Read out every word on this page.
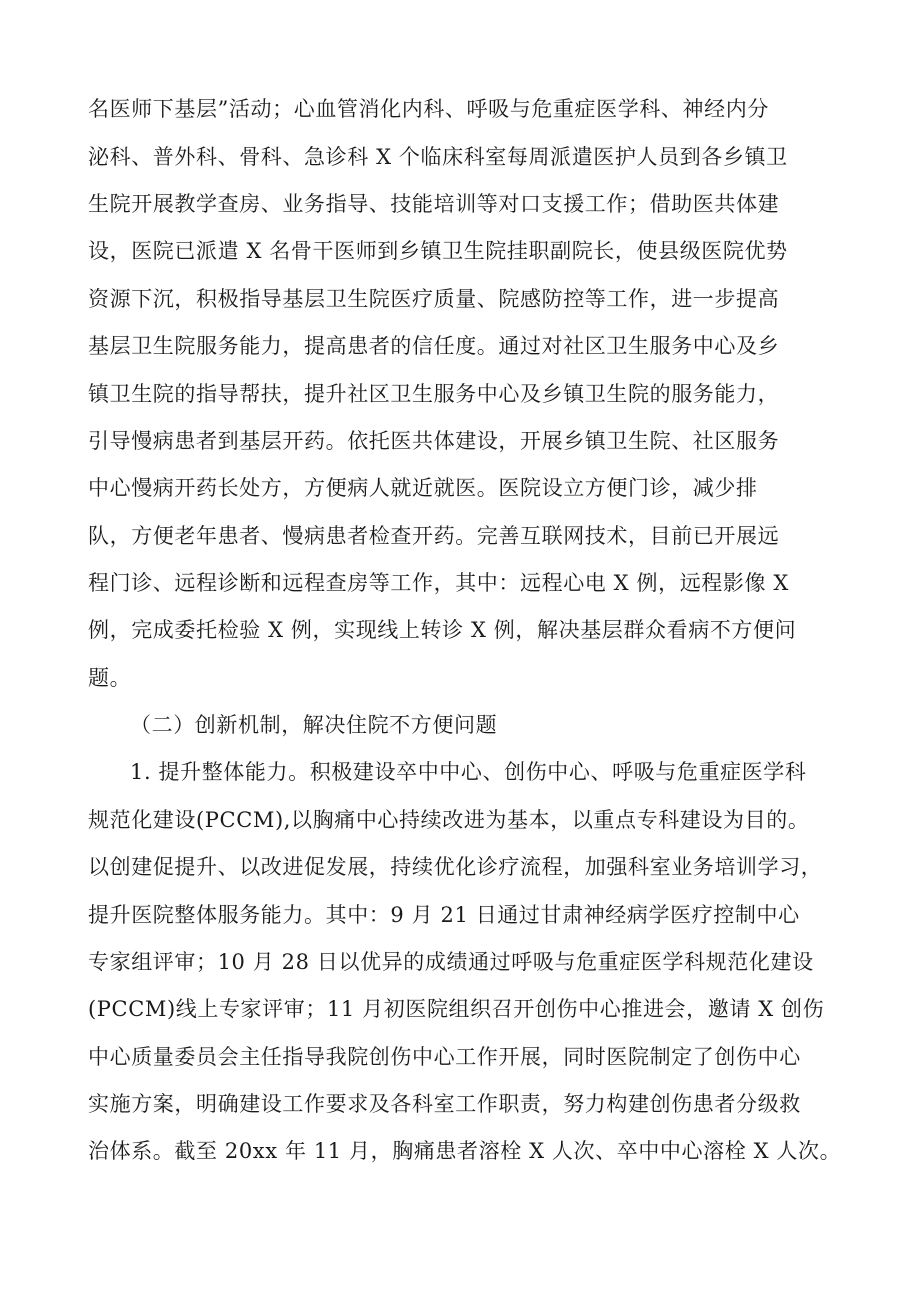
名医师下基层”活动；心血管消化内科、呼吸与危重症医学科、神经内分
泌科、普外科、骨科、急诊科 X 个临床科室每周派遣医护人员到各乡镇卫
生院开展教学查房、业务指导、技能培训等对口支援工作；借助医共体建
设，医院已派遣 X 名骨干医师到乡镇卫生院挂职副院长，使县级医院优势
资源下沉，积极指导基层卫生院医疗质量、院感防控等工作，进一步提高
基层卫生院服务能力，提高患者的信任度。通过对社区卫生服务中心及乡
镇卫生院的指导帮扶，提升社区卫生服务中心及乡镇卫生院的服务能力，
引导慢病患者到基层开药。依托医共体建设，开展乡镇卫生院、社区服务
中心慢病开药长处方，方便病人就近就医。医院设立方便门诊，减少排
队，方便老年患者、慢病患者检查开药。完善互联网技术，目前已开展远
程门诊、远程诊断和远程查房等工作，其中：远程心电 X 例，远程影像 X
例，完成委托检验 X 例，实现线上转诊 X 例，解决基层群众看病不方便问
题。
（二）创新机制，解决住院不方便问题
1. 提升整体能力。积极建设卒中中心、创伤中心、呼吸与危重症医学科
规范化建设(PCCM),以胸痛中心持续改进为基本，以重点专科建设为目的。
以创建促提升、以改进促发展，持续优化诊疗流程，加强科室业务培训学习，
提升医院整体服务能力。其中：9 月 21 日通过甘肃神经病学医疗控制中心
专家组评审；10 月 28 日以优异的成绩通过呼吸与危重症医学科规范化建设
(PCCM)线上专家评审；11 月初医院组织召开创伤中心推进会，邀请 X 创伤
中心质量委员会主任指导我院创伤中心工作开展，同时医院制定了创伤中心
实施方案，明确建设工作要求及各科室工作职责，努力构建创伤患者分级救
治体系。截至 20xx 年 11 月，胸痛患者溶栓 X 人次、卒中中心溶栓 X 人次。
